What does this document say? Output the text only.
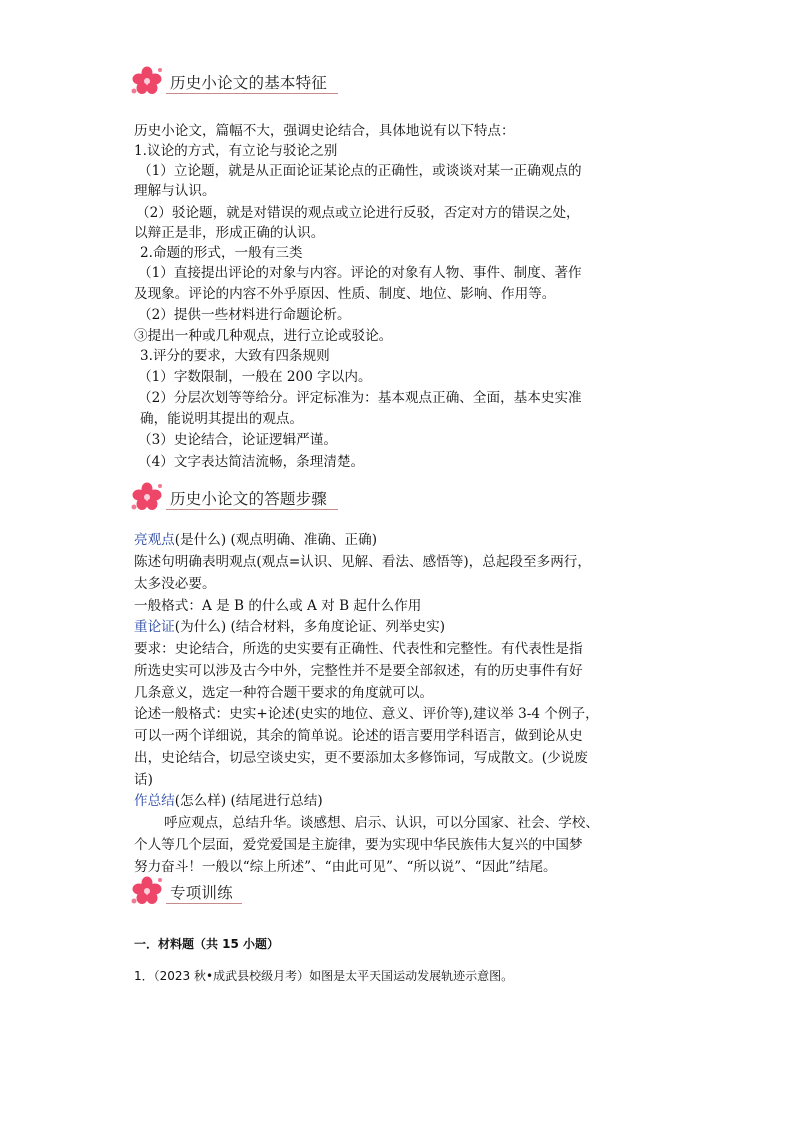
历史小论文的基本特征
历史小论文，篇幅不大，强调史论结合，具体地说有以下特点：
1.议论的方式，有立论与驳论之别
（1）立论题，就是从正面论证某论点的正确性，或谈谈对某一正确观点的
理解与认识。
（2）驳论题，就是对错误的观点或立论进行反驳，否定对方的错误之处，
以辩正是非，形成正确的认识。
2.命题的形式，一般有三类
（1）直接提出评论的对象与内容。评论的对象有人物、事件、制度、著作
及现象。评论的内容不外乎原因、性质、制度、地位、影响、作用等。
（2）提供一些材料进行命题论析。
③提出一种或几种观点，进行立论或驳论。
3.评分的要求，大致有四条规则
（1）字数限制，一般在 200 字以内。
（2）分层次划等等给分。评定标准为：基本观点正确、全面，基本史实准
确，能说明其提出的观点。
（3）史论结合，论证逻辑严谨。
（4）文字表达简洁流畅，条理清楚。
历史小论文的答题步骤
亮观点(是什么) (观点明确、准确、正确)
陈述句明确表明观点(观点=认识、见解、看法、感悟等)，总起段至多两行，
太多没必要。
一般格式：A 是 B 的什么或 A 对 B 起什么作用
重论证(为什么) (结合材料，多角度论证、列举史实)
要求：史论结合，所选的史实要有正确性、代表性和完整性。有代表性是指
所选史实可以涉及古今中外，完整性并不是要全部叙述，有的历史事件有好
几条意义，选定一种符合题干要求的角度就可以。
论述一般格式：史实+论述(史实的地位、意义、评价等),建议举 3-4 个例子，
可以一两个详细说，其余的简单说。论述的语言要用学科语言，做到论从史
出，史论结合，切忌空谈史实，更不要添加太多修饰词，写成散文。(少说废
话)
作总结(怎么样) (结尾进行总结)
呼应观点，总结升华。谈感想、启示、认识，可以分国家、社会、学校、
个人等几个层面，爱党爱国是主旋律，要为实现中华民族伟大复兴的中国梦
努力奋斗！一般以“综上所述”、“由此可见”、“所以说”、“因此”结尾。
专项训练
一．材料题（共 15 小题）
1．（2023 秋•成武县校级月考）如图是太平天国运动发展轨迹示意图。
